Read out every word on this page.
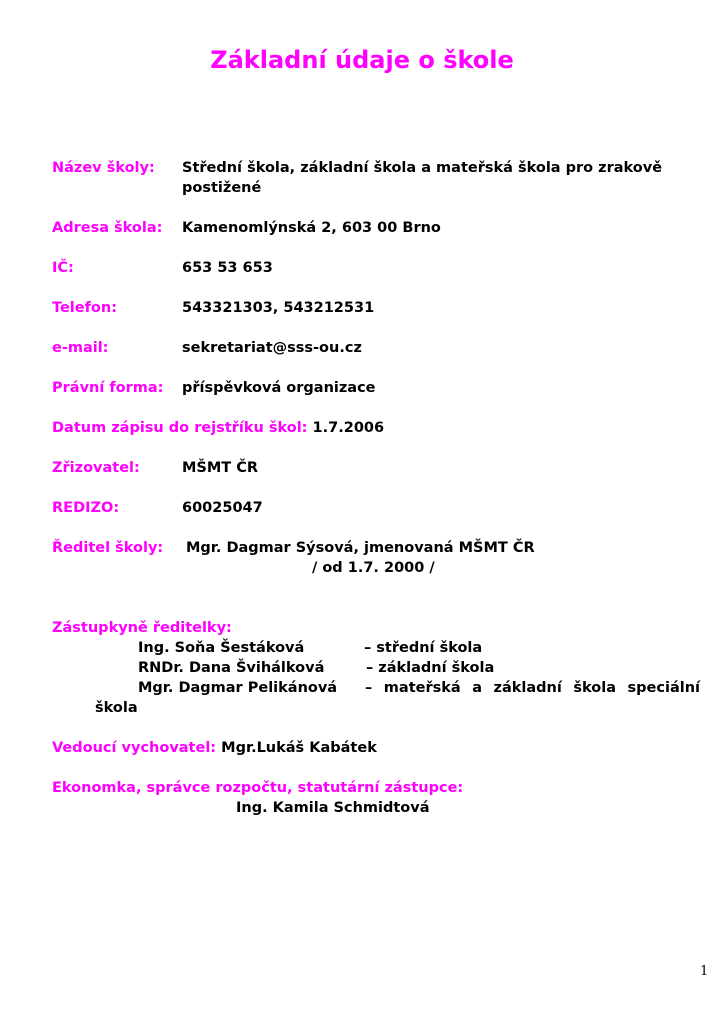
Základní údaje o škole
Název školy: Střední škola, základní škola a mateřská škola pro zrakově
postižené
Adresa škola: Kamenomlýnská 2, 603 00 Brno
IČ:	653 53 653
Telefon:	543321303, 543212531
e-mail:	sekretariat@sss-ou.cz
Právní forma: příspěvková organizace
Datum zápisu do rejstříku škol: 1.7.2006
Zřizovatel:	MŠMT ČR
REDIZO:	60025047
Ředitel školy: Mgr. Dagmar Sýsová, jmenovaná MŠMT ČR
/ od 1.7. 2000 /
Zástupkyně ředitelky:
Ing. Soňa Šestáková	– střední škola
RNDr. Dana Švihálková	– základní škola
Mgr. Dagmar Pelikánová – mateřská a základní škola speciální
škola
Vedoucí vychovatel: Mgr.Lukáš Kabátek
Ekonomka, správce rozpočtu, statutární zástupce:
Ing. Kamila Schmidtová
1
